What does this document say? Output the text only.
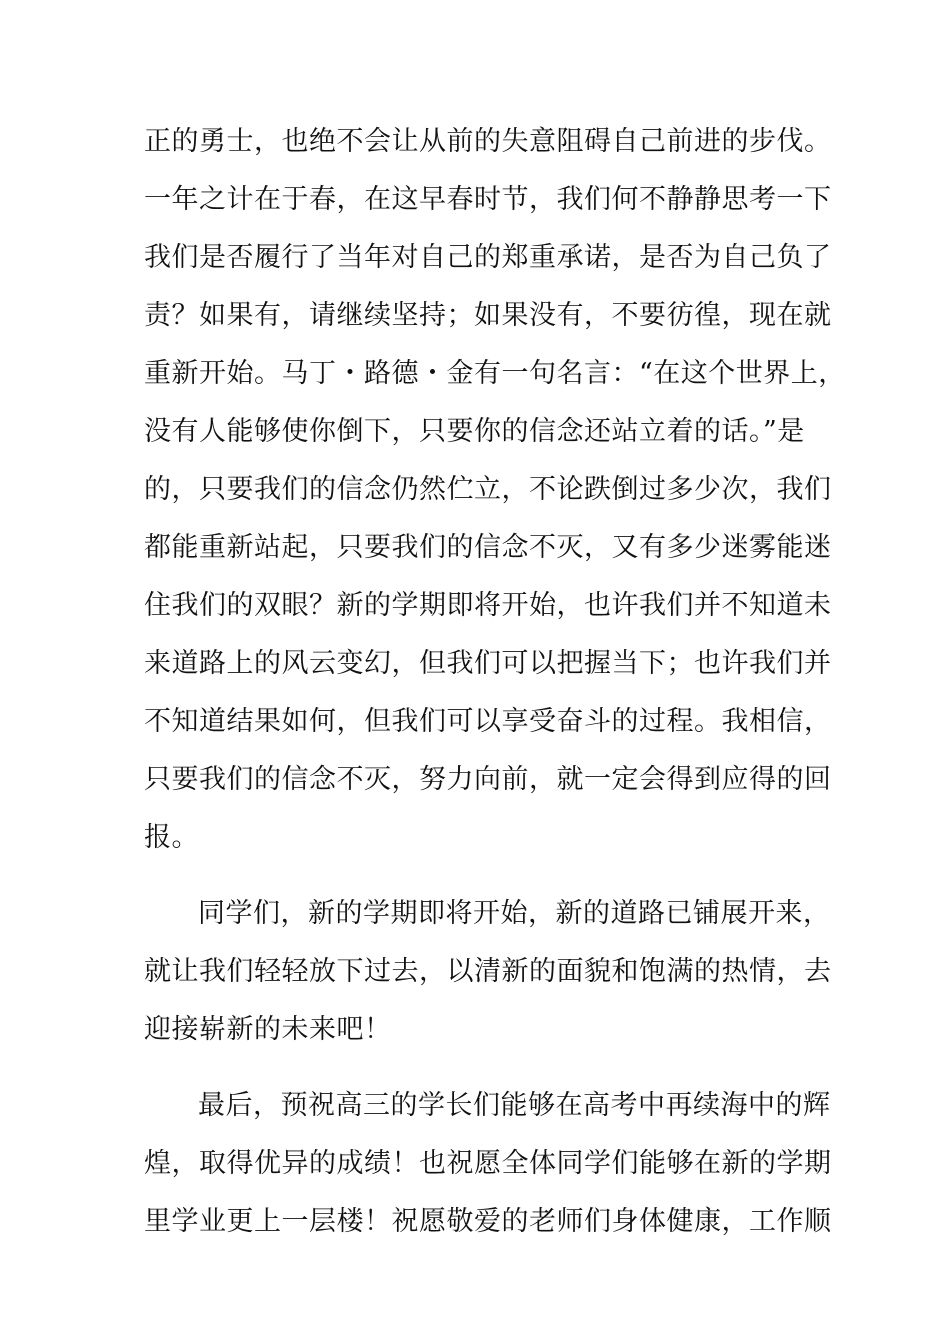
正的勇士，也绝不会让从前的失意阻碍自己前进的步伐。
一年之计在于春，在这早春时节，我们何不静静思考一下
我们是否履行了当年对自己的郑重承诺，是否为自己负了
责？如果有，请继续坚持；如果没有，不要彷徨，现在就
重新开始。马丁・路德・金有一句名言：“在这个世界上，
没有人能够使你倒下，只要你的信念还站立着的话。”是
的，只要我们的信念仍然伫立，不论跌倒过多少次，我们
都能重新站起，只要我们的信念不灭，又有多少迷雾能迷
住我们的双眼？新的学期即将开始，也许我们并不知道未
来道路上的风云变幻，但我们可以把握当下；也许我们并
不知道结果如何，但我们可以享受奋斗的过程。我相信，
只要我们的信念不灭，努力向前，就一定会得到应得的回
报。
同学们，新的学期即将开始，新的道路已铺展开来，
就让我们轻轻放下过去，以清新的面貌和饱满的热情，去
迎接崭新的未来吧！
最后，预祝高三的学长们能够在高考中再续海中的辉
煌，取得优异的成绩！也祝愿全体同学们能够在新的学期
里学业更上一层楼！祝愿敬爱的老师们身体健康，工作顺
